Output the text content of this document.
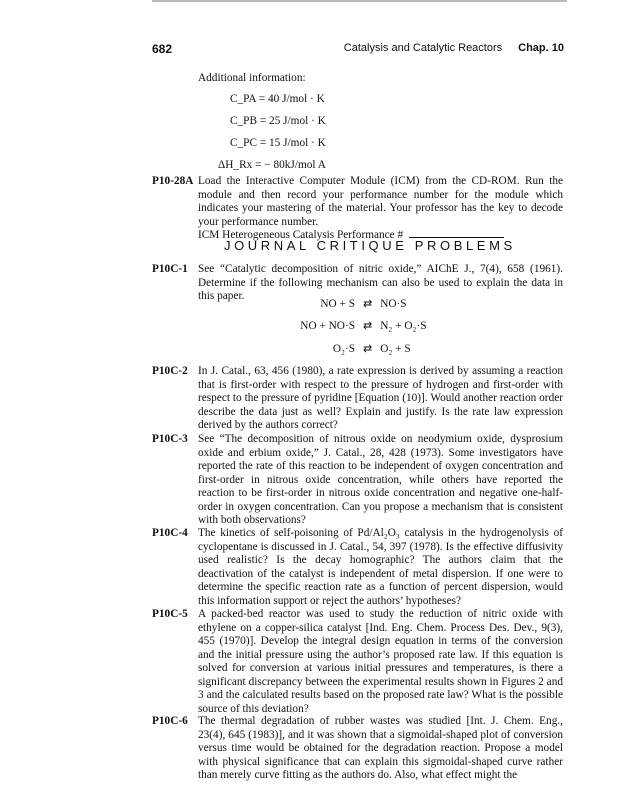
682	Catalysis and Catalytic Reactors Chap. 10
Additional information:
C_PA = 40 J/mol · K
C_PB = 25 J/mol · K
C_PC = 15 J/mol · K
ΔH_Rx = − 80kJ/mol A
P10-28A Load the Interactive Computer Module (ICM) from the CD-ROM. Run the module and then record your performance number for the module which indicates your mastering of the material. Your professor has the key to decode your performance number.
ICM Heterogeneous Catalysis Performance #
JOURNAL CRITIQUE PROBLEMS
P10C-1 See “Catalytic decomposition of nitric oxide,” AIChE J., 7(4), 658 (1961). Determine if the following mechanism can also be used to explain the data in this paper.
NO + S ⇄ NO·S
NO + NO·S ⇄ N₂ + O₂·S
O₂·S ⇄ O₂ + S
P10C-2 In J. Catal., 63, 456 (1980), a rate expression is derived by assuming a reaction that is first-order with respect to the pressure of hydrogen and first-order with respect to the pressure of pyridine [Equation (10)]. Would another reaction order describe the data just as well? Explain and justify. Is the rate law expression derived by the authors correct?
P10C-3 See “The decomposition of nitrous oxide on neodymium oxide, dysprosium oxide and erbium oxide,” J. Catal., 28, 428 (1973). Some investigators have reported the rate of this reaction to be independent of oxygen concentration and first-order in nitrous oxide concentration, while others have reported the reaction to be first-order in nitrous oxide concentration and negative one-half-order in oxygen concentration. Can you propose a mechanism that is consistent with both observations?
P10C-4 The kinetics of self-poisoning of Pd/Al₂O₃ catalysis in the hydrogenolysis of cyclopentane is discussed in J. Catal., 54, 397 (1978). Is the effective diffusivity used realistic? Is the decay homographic? The authors claim that the deactivation of the catalyst is independent of metal dispersion. If one were to determine the specific reaction rate as a function of percent dispersion, would this information support or reject the authors’ hypotheses?
P10C-5 A packed-bed reactor was used to study the reduction of nitric oxide with ethylene on a copper-silica catalyst [Ind. Eng. Chem. Process Des. Dev., 9(3), 455 (1970)]. Develop the integral design equation in terms of the conversion and the initial pressure using the author’s proposed rate law. If this equation is solved for conversion at various initial pressures and temperatures, is there a significant discrepancy between the experimental results shown in Figures 2 and 3 and the calculated results based on the proposed rate law? What is the possible source of this deviation?
P10C-6 The thermal degradation of rubber wastes was studied [Int. J. Chem. Eng., 23(4), 645 (1983)], and it was shown that a sigmoidal-shaped plot of conversion versus time would be obtained for the degradation reaction. Propose a model with physical significance that can explain this sigmoidal-shaped curve rather than merely curve fitting as the authors do. Also, what effect might the
